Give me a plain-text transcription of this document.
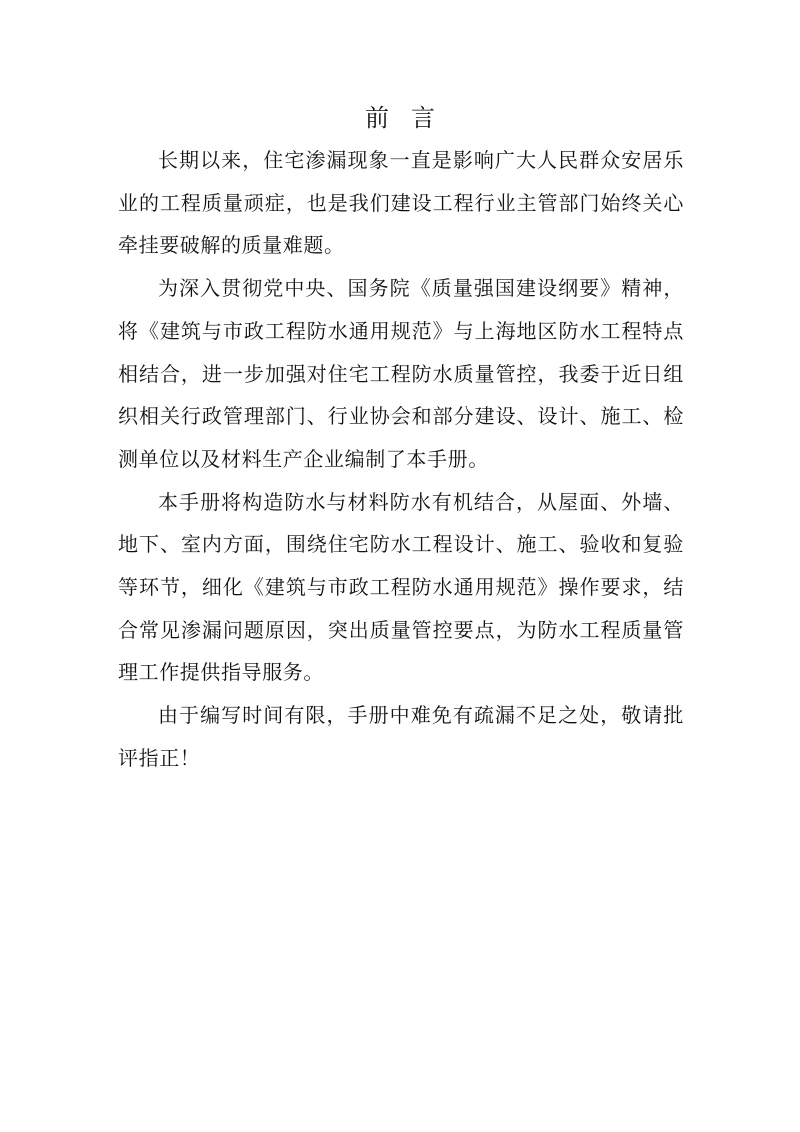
前言

长期以来，住宅渗漏现象一直是影响广大人民群众安居乐业的工程质量顽症，也是我们建设工程行业主管部门始终关心牵挂要破解的质量难题。

为深入贯彻党中央、国务院《质量强国建设纲要》精神，将《建筑与市政工程防水通用规范》与上海地区防水工程特点相结合，进一步加强对住宅工程防水质量管控，我委于近日组织相关行政管理部门、行业协会和部分建设、设计、施工、检测单位以及材料生产企业编制了本手册。

本手册将构造防水与材料防水有机结合，从屋面、外墙、地下、室内方面，围绕住宅防水工程设计、施工、验收和复验等环节，细化《建筑与市政工程防水通用规范》操作要求，结合常见渗漏问题原因，突出质量管控要点，为防水工程质量管理工作提供指导服务。

由于编写时间有限，手册中难免有疏漏不足之处，敬请批评指正！
